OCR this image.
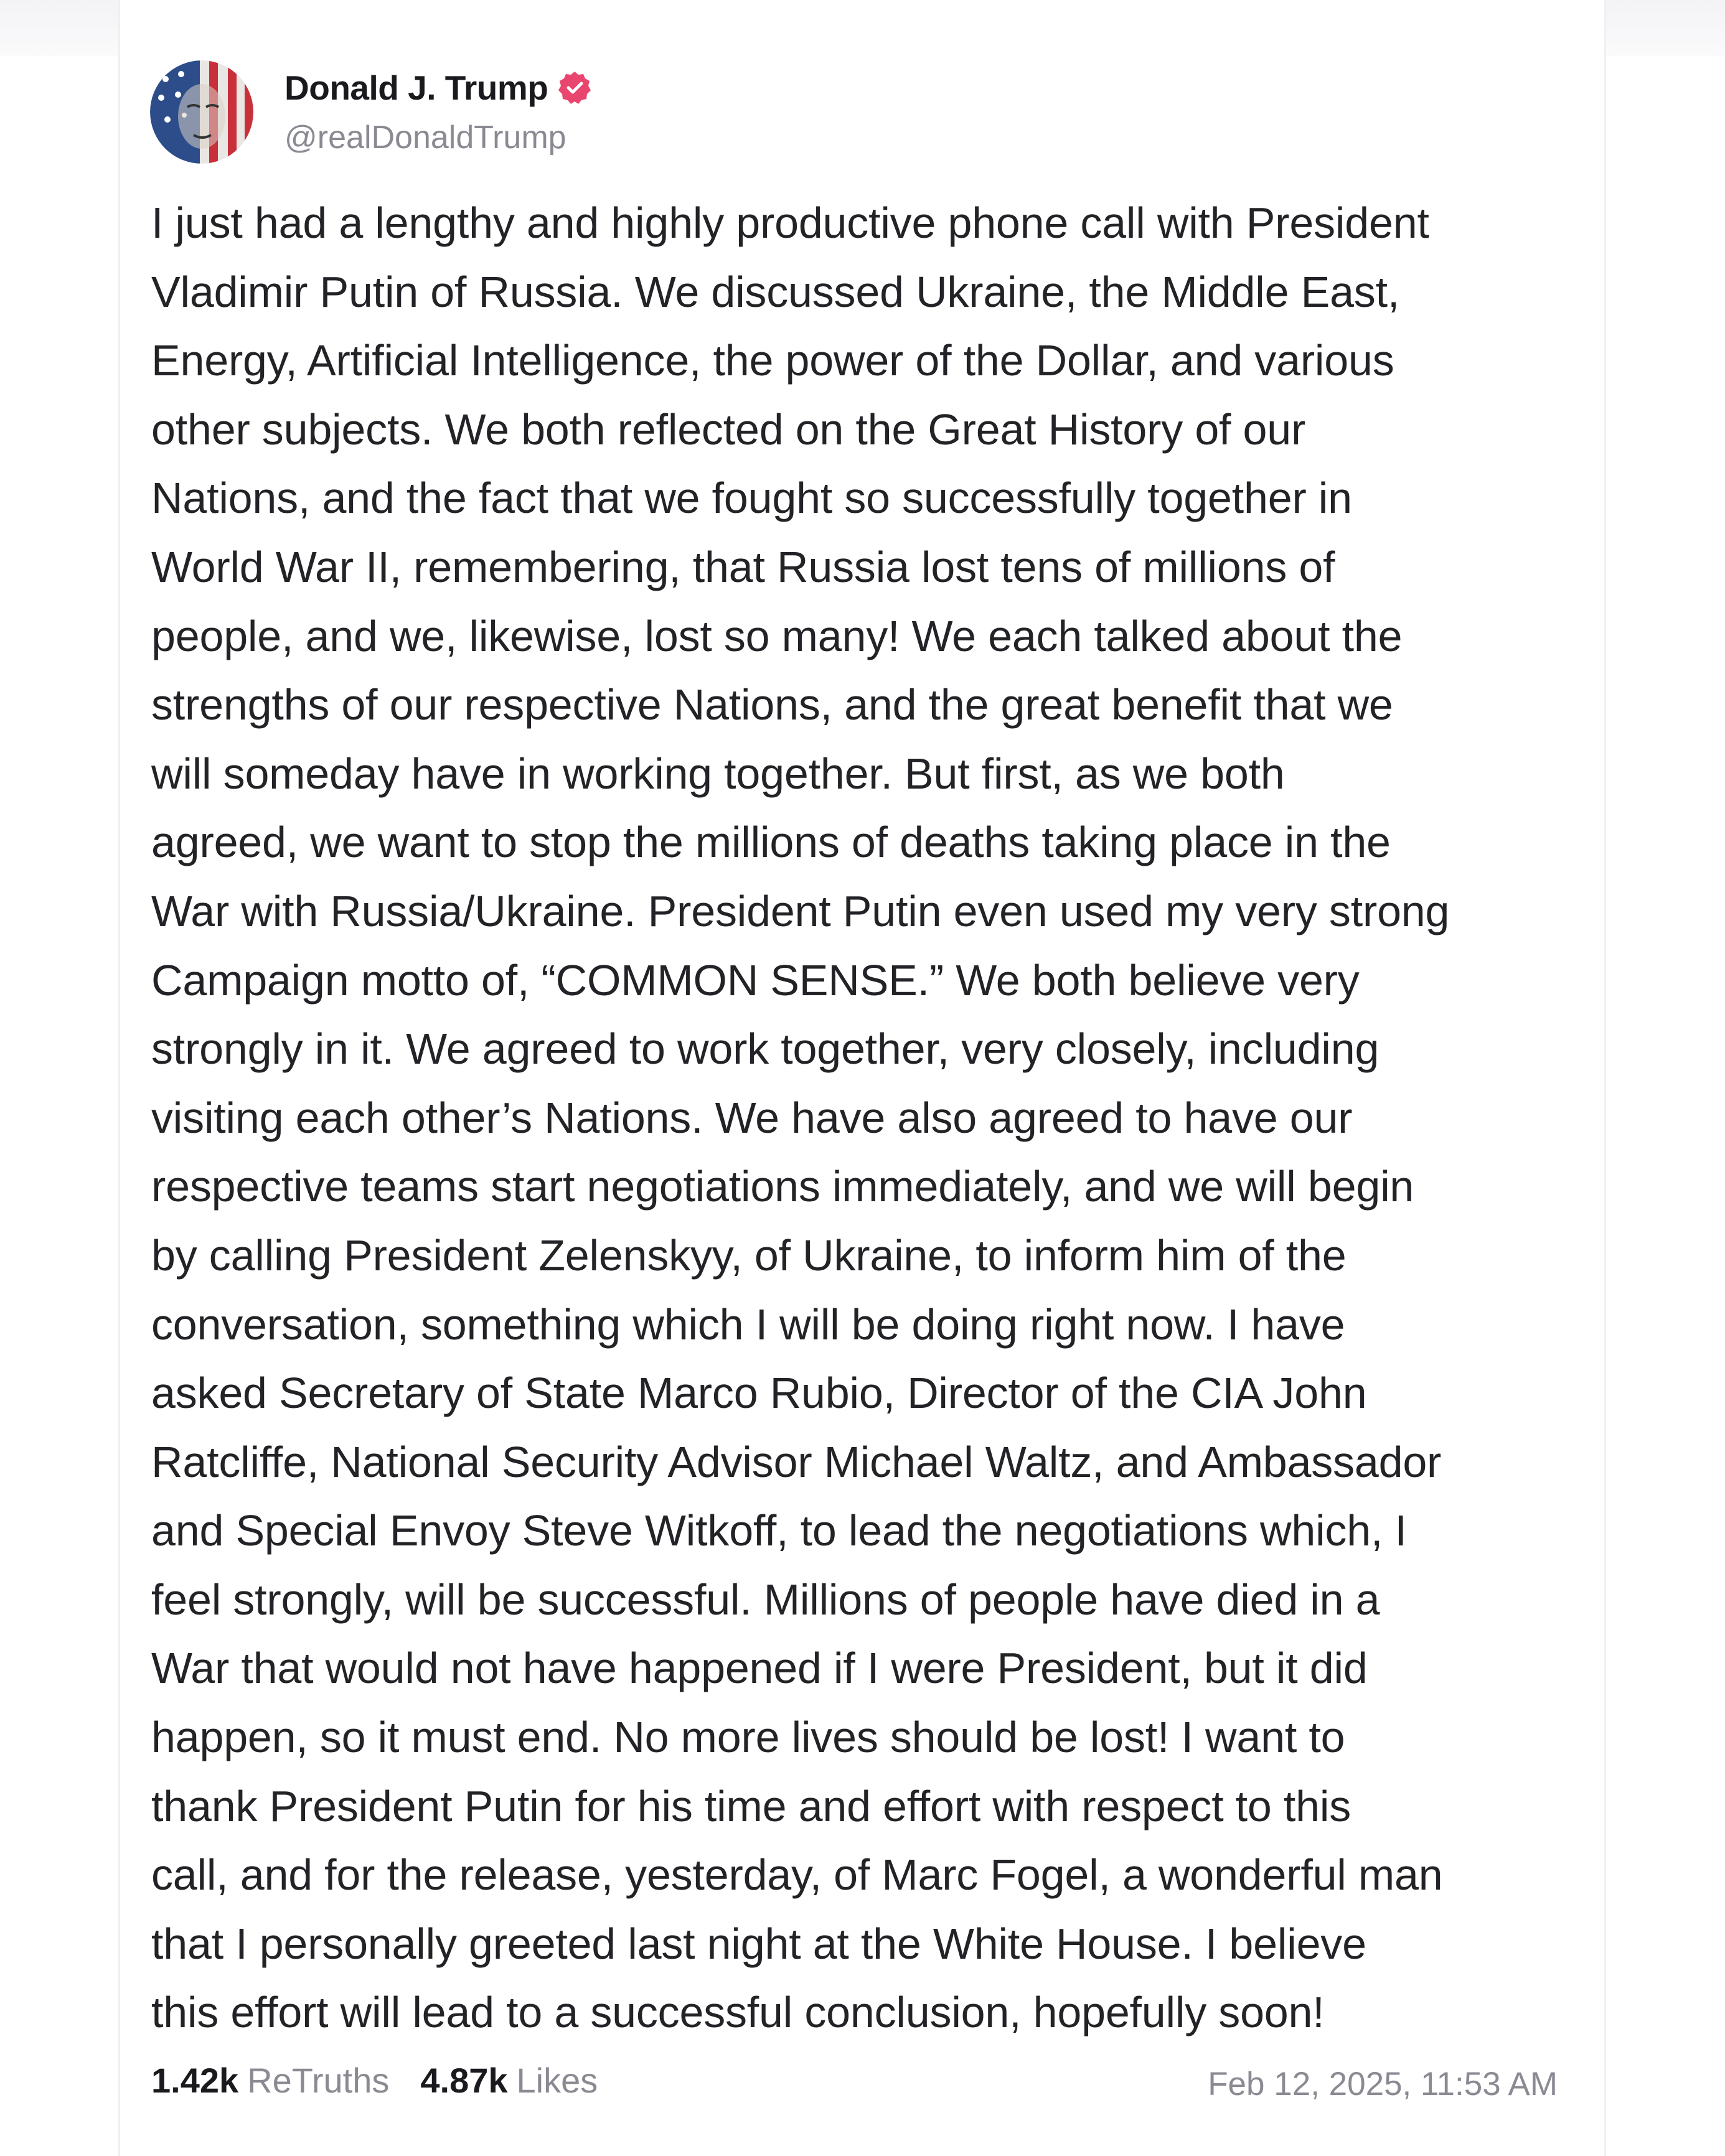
Donald J. Trump
@realDonaldTrump
I just had a lengthy and highly productive phone call with President
Vladimir Putin of Russia. We discussed Ukraine, the Middle East,
Energy, Artificial Intelligence, the power of the Dollar, and various
other subjects. We both reflected on the Great History of our
Nations, and the fact that we fought so successfully together in
World War II, remembering, that Russia lost tens of millions of
people, and we, likewise, lost so many! We each talked about the
strengths of our respective Nations, and the great benefit that we
will someday have in working together. But first, as we both
agreed, we want to stop the millions of deaths taking place in the
War with Russia/Ukraine. President Putin even used my very strong
Campaign motto of, “COMMON SENSE.” We both believe very
strongly in it. We agreed to work together, very closely, including
visiting each other’s Nations. We have also agreed to have our
respective teams start negotiations immediately, and we will begin
by calling President Zelenskyy, of Ukraine, to inform him of the
conversation, something which I will be doing right now. I have
asked Secretary of State Marco Rubio, Director of the CIA John
Ratcliffe, National Security Advisor Michael Waltz, and Ambassador
and Special Envoy Steve Witkoff, to lead the negotiations which, I
feel strongly, will be successful. Millions of people have died in a
War that would not have happened if I were President, but it did
happen, so it must end. No more lives should be lost! I want to
thank President Putin for his time and effort with respect to this
call, and for the release, yesterday, of Marc Fogel, a wonderful man
that I personally greeted last night at the White House. I believe
this effort will lead to a successful conclusion, hopefully soon!
1.42k ReTruths 4.87k Likes	Feb 12, 2025, 11:53 AM
